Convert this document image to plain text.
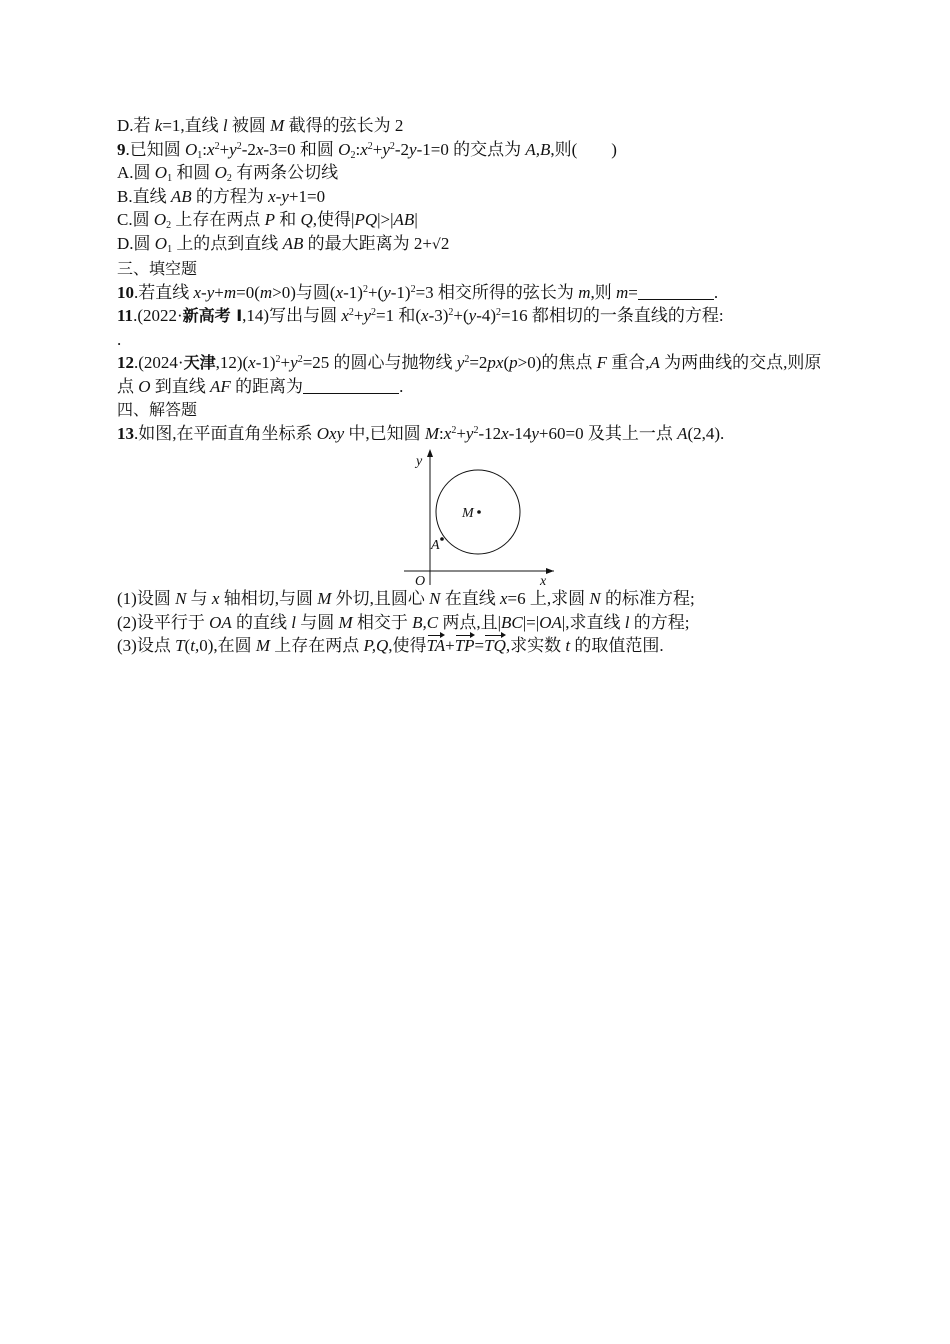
D.若 k=1,直线 l 被圆 M 截得的弦长为 2
9.已知圆 $O_1:x^2+y^2-2x-3=0$ 和圆 $O_2:x^2+y^2-2y-1=0$ 的交点为 A,B,则(　　)
A.圆 $O_1$ 和圆 $O_2$ 有两条公切线
B.直线 AB 的方程为 x-y+1=0
C.圆 $O_2$ 上存在两点 P 和 Q,使得|PQ|>|AB|
D.圆 $O_1$ 上的点到直线 AB 的最大距离为 2+√2
三、填空题
10.若直线 x-y+m=0(m>0)与圆$(x-1)^2+(y-1)^2=3$ 相交所得的弦长为 m,则 m=	.
11.(2022·新高考 Ⅰ,14)写出与圆 $x^2+y^2=1$ 和$(x-3)^2+(y-4)^2=16$ 都相切的一条直线的方程:
.
12.(2024·天津$,12)(x-1)^2+y^2=25$ 的圆心与抛物线 $y^2=2px(p>0)$的焦点 F 重合,A 为两曲线的交点,则原点 O 到直线 AF 的距离为	.
四、解答题
13.如图,在平面直角坐标系 Oxy 中,已知圆 $M:x^2+y^2-12x-14y+60=0$ 及其上一点 A(2,4).
y
x
O
M
A
(1)设圆 N 与 x 轴相切,与圆 M 外切,且圆心 N 在直线 x=6 上,求圆 N 的标准方程;
(2)设平行于 OA 的直线 l 与圆 M 相交于 B,C 两点,且|BC|=|OA|,求直线 l 的方程;
(3)设点 T(t,0),在圆 M 上存在两点 P,Q,使得TA+TP=TQ,求实数 t 的取值范围.
